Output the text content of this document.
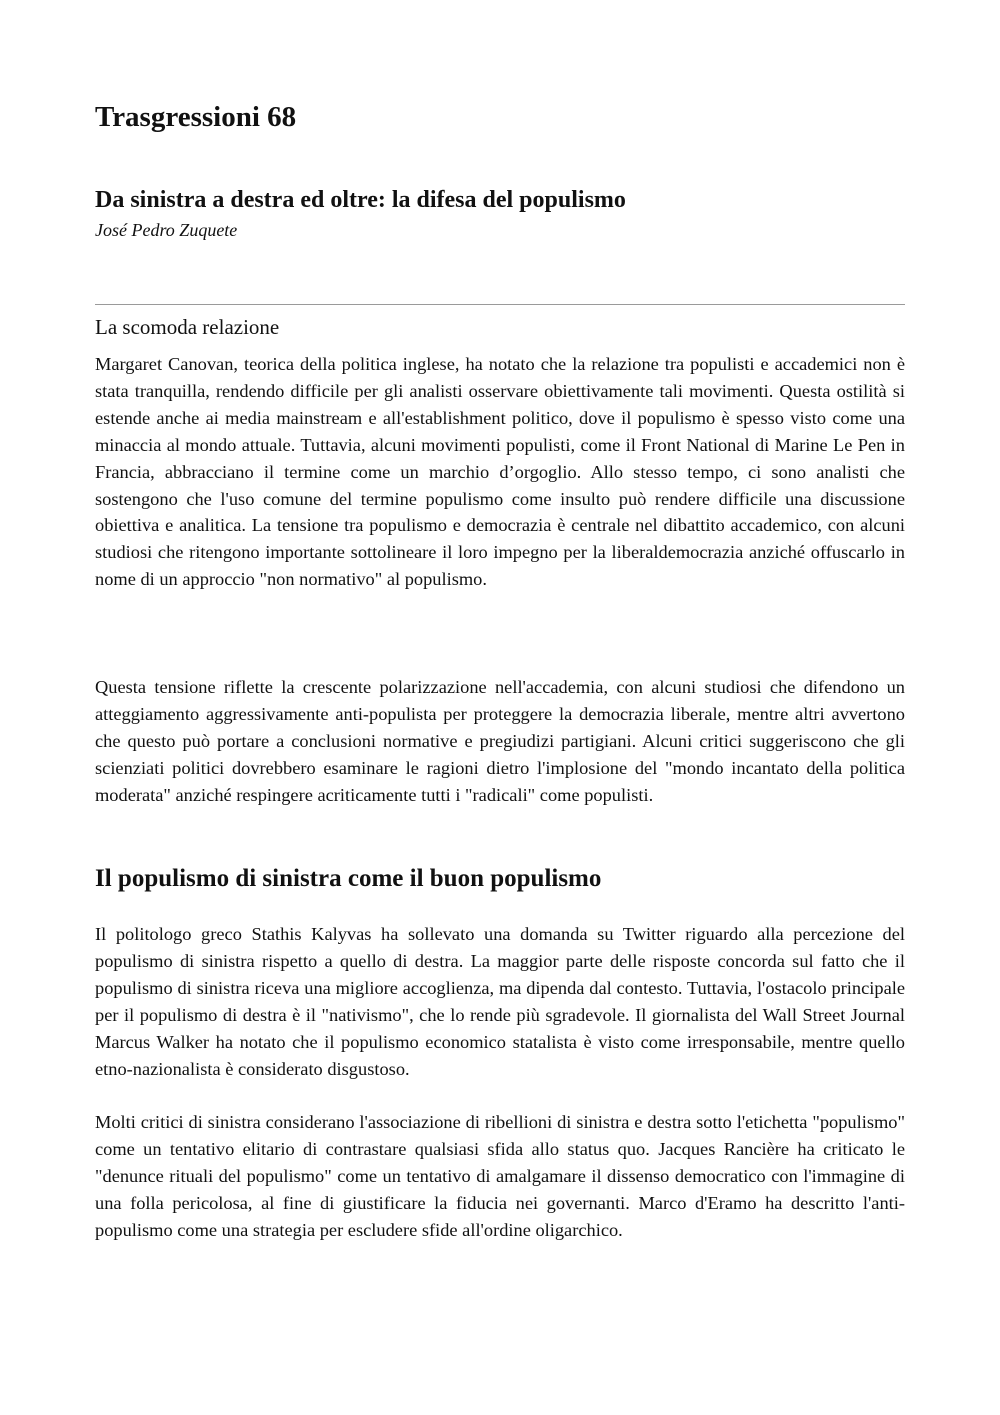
Trasgressioni 68
Da sinistra a destra ed oltre: la difesa del populismo

José Pedro Zuquete

La scomoda relazione

Margaret Canovan, teorica della politica inglese, ha notato che la relazione tra populisti e accademici non è stata tranquilla, rendendo difficile per gli analisti osservare obiettivamente tali movimenti. Questa ostilità si estende anche ai media mainstream e all'establishment politico, dove il populismo è spesso visto come una minaccia al mondo attuale. Tuttavia, alcuni movimenti populisti, come il Front National di Marine Le Pen in Francia, abbracciano il termine come un marchio d’orgoglio. Allo stesso tempo, ci sono analisti che sostengono che l'uso comune del termine populismo come insulto può rendere difficile una discussione obiettiva e analitica. La tensione tra populismo e democrazia è centrale nel dibattito accademico, con alcuni studiosi che ritengono importante sottolineare il loro impegno per la liberaldemocrazia anziché offuscarlo in nome di un approccio "non normativo" al populismo.

Questa tensione riflette la crescente polarizzazione nell'accademia, con alcuni studiosi che difendono un atteggiamento aggressivamente anti-populista per proteggere la democrazia liberale, mentre altri avvertono che questo può portare a conclusioni normative e pregiudizi partigiani. Alcuni critici suggeriscono che gli scienziati politici dovrebbero esaminare le ragioni dietro l'implosione del "mondo incantato della politica moderata" anziché respingere acriticamente tutti i "radicali" come populisti.

Il populismo di sinistra come il buon populismo

Il politologo greco Stathis Kalyvas ha sollevato una domanda su Twitter riguardo alla percezione del populismo di sinistra rispetto a quello di destra. La maggior parte delle risposte concorda sul fatto che il populismo di sinistra riceva una migliore accoglienza, ma dipenda dal contesto. Tuttavia, l'ostacolo principale per il populismo di destra è il "nativismo", che lo rende più sgradevole. Il giornalista del Wall Street Journal Marcus Walker ha notato che il populismo economico statalista è visto come irresponsabile, mentre quello etno-nazionalista è considerato disgustoso.

Molti critici di sinistra considerano l'associazione di ribellioni di sinistra e destra sotto l'etichetta "populismo" come un tentativo elitario di contrastare qualsiasi sfida allo status quo. Jacques Rancière ha criticato le "denunce rituali del populismo" come un tentativo di amalgamare il dissenso democratico con l'immagine di una folla pericolosa, al fine di giustificare la fiducia nei governanti. Marco d'Eramo ha descritto l'anti-populismo come una strategia per escludere sfide all'ordine oligarchico.
